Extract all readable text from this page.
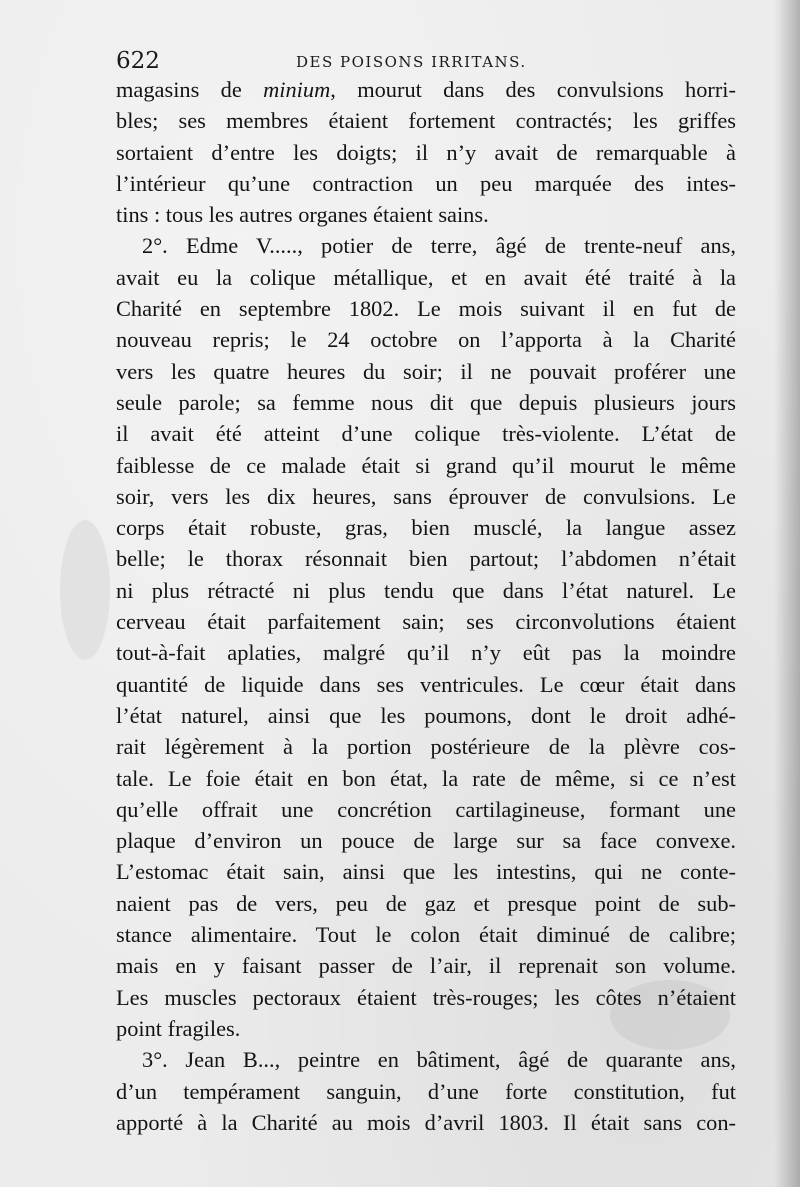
622	DES POISONS IRRITANS.
magasins de minium, mourut dans des convulsions horri-
bles; ses membres étaient fortement contractés; les griffes
sortaient d’entre les doigts; il n’y avait de remarquable à
l’intérieur qu’une contraction un peu marquée des intes-
tins : tous les autres organes étaient sains.
2°. Edme V....., potier de terre, âgé de trente-neuf ans,
avait eu la colique métallique, et en avait été traité à la
Charité en septembre 1802. Le mois suivant il en fut de
nouveau repris; le 24 octobre on l’apporta à la Charité
vers les quatre heures du soir; il ne pouvait proférer une
seule parole; sa femme nous dit que depuis plusieurs jours
il avait été atteint d’une colique très-violente. L’état de
faiblesse de ce malade était si grand qu’il mourut le même
soir, vers les dix heures, sans éprouver de convulsions. Le
corps était robuste, gras, bien musclé, la langue assez
belle; le thorax résonnait bien partout; l’abdomen n’était
ni plus rétracté ni plus tendu que dans l’état naturel. Le
cerveau était parfaitement sain; ses circonvolutions étaient
tout-à-fait aplaties, malgré qu’il n’y eût pas la moindre
quantité de liquide dans ses ventricules. Le cœur était dans
l’état naturel, ainsi que les poumons, dont le droit adhé-
rait légèrement à la portion postérieure de la plèvre cos-
tale. Le foie était en bon état, la rate de même, si ce n’est
qu’elle offrait une concrétion cartilagineuse, formant une
plaque d’environ un pouce de large sur sa face convexe.
L’estomac était sain, ainsi que les intestins, qui ne conte-
naient pas de vers, peu de gaz et presque point de sub-
stance alimentaire. Tout le colon était diminué de calibre;
mais en y faisant passer de l’air, il reprenait son volume.
Les muscles pectoraux étaient très-rouges; les côtes n’étaient
point fragiles.
3°. Jean B..., peintre en bâtiment, âgé de quarante ans,
d’un tempérament sanguin, d’une forte constitution, fut
apporté à la Charité au mois d’avril 1803. Il était sans con-
